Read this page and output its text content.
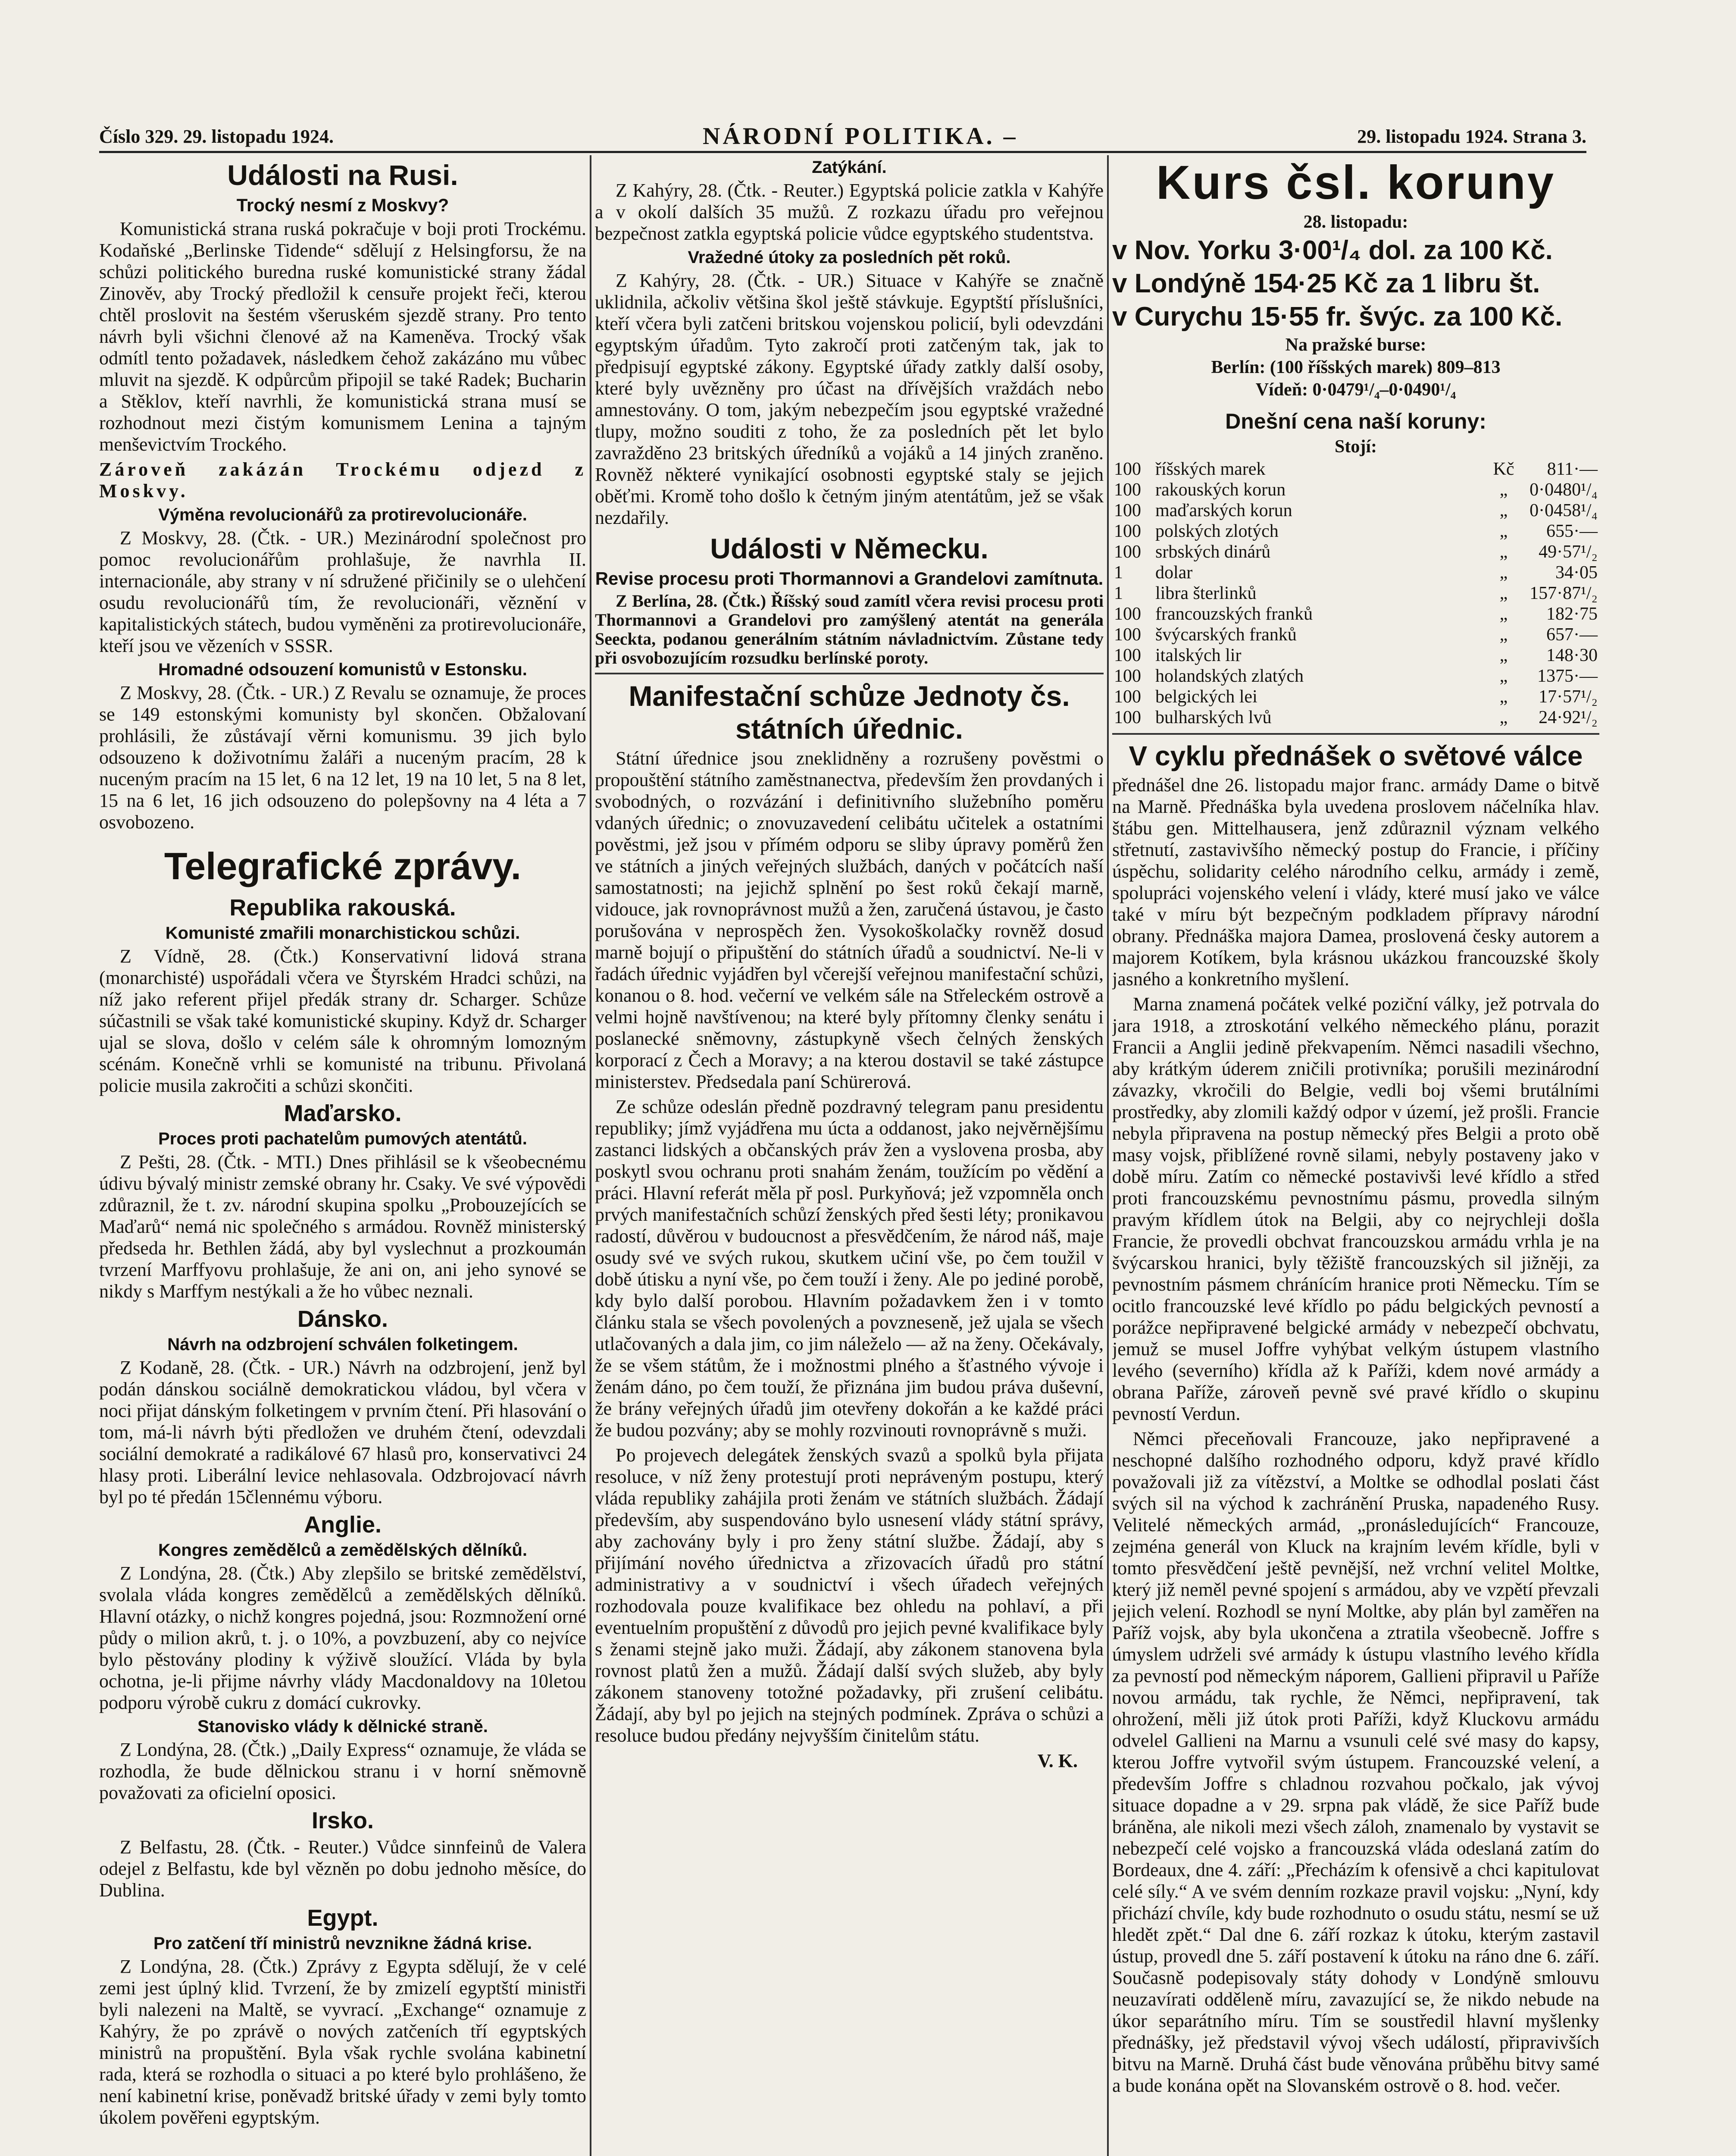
Číslo 329. 29. listopadu 1924.	NÁRODNÍ POLITIKA. –	29. listopadu 1924. Strana 3.
Události na Rusi.
Trocký nesmí z Moskvy?

Komunistická strana ruská pokračuje v boji proti Trockému. Kodaňské „Berlinske Tidende“ sdělují z Helsingforsu, že na schůzi politického buredna ruské komunistické strany žádal Zinověv, aby Trocký předložil k censuře projekt řeči, kterou chtěl proslovit na šestém všeruském sjezdě strany. Pro tento návrh byli všichni členové až na Kameněva. Trocký však odmítl tento požadavek, následkem čehož zakázáno mu vůbec mluvit na sjezdě. K odpůrcům připojil se také Radek; Bucharin a Stěklov, kteří navrhli, že komunistická strana musí se rozhodnout mezi čistým komunismem Lenina a tajným menševictvím Trockého.

Zároveň zakázán Trockému odjezd z Moskvy.

Výměna revolucionářů za protirevolucionáře.

Z Moskvy, 28. (Čtk. - UR.) Mezinárodní společnost pro pomoc revolucionářům prohlašuje, že navrhla II. internacionále, aby strany v ní sdružené přičinily se o ulehčení osudu revolucionářů tím, že revolucionáři, věznění v kapitalistických státech, budou vyměněni za protirevolucionáře, kteří jsou ve vězeních v SSSR.

Hromadné odsouzení komunistů v Estonsku.

Z Moskvy, 28. (Čtk. - UR.) Z Revalu se oznamuje, že proces se 149 estonskými komunisty byl skončen. Obžalovaní prohlásili, že zůstávají věrni komunismu. 39 jich bylo odsouzeno k doživotnímu žaláři a nuceným pracím, 28 k nuceným pracím na 15 let, 6 na 12 let, 19 na 10 let, 5 na 8 let, 15 na 6 let, 16 jich odsouzeno do polepšovny na 4 léta a 7 osvobozeno.

Telegrafické zprávy.
Republika rakouská.
Komunisté zmařili monarchistickou schůzi.

Z Vídně, 28. (Čtk.) Konservativní lidová strana (monarchisté) uspořádali včera ve Štyrském Hradci schůzi, na níž jako referent přijel předák strany dr. Scharger. Schůze súčastnili se však také komunistické skupiny. Když dr. Scharger ujal se slova, došlo v celém sále k ohromným lomozným scénám. Konečně vrhli se komunisté na tribunu. Přivolaná policie musila zakročiti a schůzi skončiti.

Maďarsko.
Proces proti pachatelům pumových atentátů.

Z Pešti, 28. (Čtk. - MTI.) Dnes přihlásil se k všeobecnému údivu bývalý ministr zemské obrany hr. Csaky. Ve své výpovědi zdůraznil, že t. zv. národní skupina spolku „Probouzejících se Maďarů“ nemá nic společného s armádou. Rovněž ministerský předseda hr. Bethlen žádá, aby byl vyslechnut a prozkoumán tvrzení Marffyovu prohlašuje, že ani on, ani jeho synové se nikdy s Marffym nestýkali a že ho vůbec neznali.

Dánsko.
Návrh na odzbrojení schválen folketingem.

Z Kodaně, 28. (Čtk. - UR.) Návrh na odzbrojení, jenž byl podán dánskou sociálně demokratickou vládou, byl včera v noci přijat dánským folketingem v prvním čtení. Při hlasování o tom, má-li návrh býti předložen ve druhém čtení, odevzdali sociální demokraté a radikálové 67 hlasů pro, konservativci 24 hlasy proti. Liberální levice nehlasovala. Odzbrojovací návrh byl po té předán 15člennému výboru.

Anglie.
Kongres zemědělců a zemědělských dělníků.

Z Londýna, 28. (Čtk.) Aby zlepšilo se britské zemědělství, svolala vláda kongres zemědělců a zemědělských dělníků. Hlavní otázky, o nichž kongres pojedná, jsou: Rozmnožení orné půdy o milion akrů, t. j. o 10%, a povzbuzení, aby co nejvíce bylo pěstovány plodiny k výživě sloužící. Vláda by byla ochotna, je-li přijme návrhy vlády Macdonaldovy na 10letou podporu výrobě cukru z domácí cukrovky.

Stanovisko vlády k dělnické straně.

Z Londýna, 28. (Čtk.) „Daily Express“ oznamuje, že vláda se rozhodla, že bude dělnickou stranu i v horní sněmovně považovati za oficielní oposici.

Irsko.

Z Belfastu, 28. (Čtk. - Reuter.) Vůdce sinnfeinů de Valera odejel z Belfastu, kde byl vězněn po dobu jednoho měsíce, do Dublina.

Egypt.
Pro zatčení tří ministrů nevznikne žádná krise.

Z Londýna, 28. (Čtk.) Zprávy z Egypta sdělují, že v celé zemi jest úplný klid. Tvrzení, že by zmizelí egyptští ministři byli nalezeni na Maltě, se vyvrací. „Exchange“ oznamuje z Kahýry, že po zprávě o nových zatčeních tří egyptských ministrů na propuštění. Byla však rychle svolána kabinetní rada, která se rozhodla o situaci a po které bylo prohlášeno, že není kabinetní krise, poněvadž britské úřady v zemi byly tomto úkolem pověřeni egyptským.

Zatýkání.

Z Kahýry, 28. (Čtk. - Reuter.) Egyptská policie zatkla v Kahýře a v okolí dalších 35 mužů. Z rozkazu úřadu pro veřejnou bezpečnost zatkla egyptská policie vůdce egyptského studentstva.

Vražedné útoky za posledních pět roků.

Z Kahýry, 28. (Čtk. - UR.) Situace v Kahýře se značně uklidnila, ačkoliv většina škol ještě stávkuje. Egyptští příslušníci, kteří včera byli zatčeni britskou vojenskou policií, byli odevzdáni egyptským úřadům. Tyto zakročí proti zatčeným tak, jak to předpisují egyptské zákony. Egyptské úřady zatkly další osoby, které byly uvězněny pro účast na dřívějších vraždách nebo amnestovány. O tom, jakým nebezpečím jsou egyptské vražedné tlupy, možno souditi z toho, že za posledních pět let bylo zavražděno 23 britských úředníků a vojáků a 14 jiných zraněno. Rovněž některé vynikající osobnosti egyptské staly se jejich oběťmi. Kromě toho došlo k četným jiným atentátům, jež se však nezdařily.

Události v Německu.
Revise procesu proti Thormannovi a Grandelovi zamítnuta.

Z Berlína, 28. (Čtk.) Říšský soud zamítl včera revisi procesu proti Thormannovi a Grandelovi pro zamýšlený atentát na generála Seeckta, podanou generálním státním návladnictvím. Zůstane tedy při osvobozujícím rozsudku berlínské poroty.

Manifestační schůze Jednoty čs. státních úřednic.

Státní úřednice jsou zneklidněny a rozrušeny pověstmi o propouštění státního zaměstnanectva, především žen provdaných i svobodných, o rozvázání i definitivního služebního poměru vdaných úřednic; o znovuzavedení celibátu učitelek a ostatními pověstmi, jež jsou v přímém odporu se sliby úpravy poměrů žen ve státních a jiných veřejných službách, daných v počátcích naší samostatnosti; na jejichž splnění po šest roků čekají marně, vidouce, jak rovnoprávnost mužů a žen, zaručená ústavou, je často porušována v neprospěch žen. Vysokoškolačky rovněž dosud marně bojují o připuštění do státních úřadů a soudnictví. Ne-li v řadách úřednic vyjádřen byl včerejší veřejnou manifestační schůzi, konanou o 8. hod. večerní ve velkém sále na Střeleckém ostrově a velmi hojně navštívenou; na které byly přítomny členky senátu i poslanecké sněmovny, zástupkyně všech čelných ženských korporací z Čech a Moravy; a na kterou dostavil se také zástupce ministerstev. Předsedala paní Schürerová.

Ze schůze odeslán předně pozdravný telegram panu presidentu republiky; jímž vyjádřena mu úcta a oddanost, jako nejvěrnějšímu zastanci lidských a občanských práv žen a vyslovena prosba, aby poskytl svou ochranu proti snahám ženám, toužícím po vědění a práci. Hlavní referát měla př posl. Purkyňová; jež vzpomněla onch prvých manifestačních schůzí ženských před šesti léty; pronikavou radostí, důvěrou v budoucnost a přesvědčením, že národ náš, maje osudy své ve svých rukou, skutkem učiní vše, po čem toužil v době útisku a nyní vše, po čem touží i ženy. Ale po jediné porobě, kdy bylo další porobou. Hlavním požadavkem žen i v tomto článku stala se všech povolených a povzneseně, jež ujala se všech utlačovaných a dala jim, co jim náleželo — až na ženy. Očekávaly, že se všem státům, že i možnostmi plného a šťastného vývoje i ženám dáno, po čem touží, že přiznána jim budou práva duševní, že brány veřejných úřadů jim otevřeny dokořán a ke každé práci že budou pozvány; aby se mohly rozvinouti rovnoprávně s muži.

Po projevech delegátek ženských svazů a spolků byla přijata resoluce, v níž ženy protestují proti nepráveným postupu, který vláda republiky zahájila proti ženám ve státních službách. Žádají především, aby suspendováno bylo usnesení vlády státní správy, aby zachovány byly i pro ženy státní službe. Žádají, aby s přijímání nového úřednictva a zřizovacích úřadů pro státní administrativy a v soudnictví i všech úřadech veřejných rozhodovala pouze kvalifikace bez ohledu na pohlaví, a při eventuelním propuštění z důvodů pro jejich pevné kvalifikace byly s ženami stejně jako muži. Žádají, aby zákonem stanovena byla rovnost platů žen a mužů. Žádají další svých služeb, aby byly zákonem stanoveny totožné požadavky, při zrušení celibátu. Žádají, aby byl po jejich na stejných podmínek. Zpráva o schůzi a resoluce budou předány nejvyšším činitelům státu.

V. K.
Kurs čsl. koruny
28. listopadu:
v Nov. Yorku 3·00¹/₄ dol. za 100 Kč.
v Londýně 154·25 Kč za 1 libru št.
v Curychu 15·55 fr. švýc. za 100 Kč.
Na pražské burse:
Berlín: (100 říšských marek) 809–813
Vídeň: 0·0479¹/₄–0·0490¹/₄
Dnešní cena naší koruny:
Stojí:
100	říšských marek	Kč	811·—
100	rakouských korun	„	0·0480¹/₄
100	maďarských korun	„	0·0458¹/₄
100	polských zlotých	„	655·—
100	srbských dinárů	„	49·57¹/₂
1	dolar	„	34·05
1	libra šterlinků	„	157·87¹/₂
100	francouzských franků	„	182·75
100	švýcarských franků	„	657·—
100	italských lir	„	148·30
100	holandských zlatých	„	1375·—
100	belgických lei	„	17·57¹/₂
100	bulharských lvů	„	24·92¹/₂
V cyklu přednášek o světové válce

přednášel dne 26. listopadu major franc. armády Dame o bitvě na Marně. Přednáška byla uvedena proslovem náčelníka hlav. štábu gen. Mittelhausera, jenž zdůraznil význam velkého střetnutí, zastavivšího německý postup do Francie, i příčiny úspěchu, solidarity celého národního celku, armády i země, spolupráci vojenského velení i vlády, které musí jako ve válce také v míru být bezpečným podkladem přípravy národní obrany. Přednáška majora Damea, proslovená česky autorem a majorem Kotíkem, byla krásnou ukázkou francouzské školy jasného a konkretního myšlení.

Marna znamená počátek velké poziční války, jež potrvala do jara 1918, a ztroskotání velkého německého plánu, porazit Francii a Anglii jedině překvapením. Němci nasadili všechno, aby krátkým úderem zničili protivníka; porušili mezinárodní závazky, vkročili do Belgie, vedli boj všemi brutálními prostředky, aby zlomili každý odpor v území, jež prošli. Francie nebyla připravena na postup německý přes Belgii a proto obě masy vojsk, přiblížené rovně silami, nebyly postaveny jako v době míru. Zatím co německé postavivši levé křídlo a střed proti francouzskému pevnostnímu pásmu, provedla silným pravým křídlem útok na Belgii, aby co nejrychleji došla Francie, že provedli obchvat francouzskou armádu vrhla je na švýcarskou hranici, byly těžiště francouzských sil jižněji, za pevnostním pásmem chránícím hranice proti Německu. Tím se ocitlo francouzské levé křídlo po pádu belgických pevností a porážce nepřipravené belgické armády v nebezpečí obchvatu, jemuž se musel Joffre vyhýbat velkým ústupem vlastního levého (severního) křídla až k Paříži, kdem nové armády a obrana Paříže, zároveň pevně své pravé křídlo o skupinu pevností Verdun.

Němci přeceňovali Francouze, jako nepřipravené a neschopné dalšího rozhodného odporu, když pravé křídlo považovali již za vítězství, a Moltke se odhodlal poslati část svých sil na východ k zachránění Pruska, napadeného Rusy. Velitelé německých armád, „pronásledujících“ Francouze, zejména generál von Kluck na krajním levém křídle, byli v tomto přesvědčení ještě pevnější, než vrchní velitel Moltke, který již neměl pevné spojení s armádou, aby ve vzpětí převzali jejich velení. Rozhodl se nyní Moltke, aby plán byl zaměřen na Paříž vojsk, aby byla ukončena a ztratila všeobecně. Joffre s úmyslem udrželi své armády k ústupu vlastního levého křídla za pevností pod německým náporem, Gallieni připravil u Paříže novou armádu, tak rychle, že Němci, nepřipravení, tak ohrožení, měli již útok proti Paříži, když Kluckovu armádu odvelel Gallieni na Marnu a vsunuli celé své masy do kapsy, kterou Joffre vytvořil svým ústupem. Francouzské velení, a především Joffre s chladnou rozvahou počkalo, jak vývoj situace dopadne a v 29. srpna pak vládě, že sice Paříž bude bráněna, ale nikoli mezi všech záloh, znamenalo by vystavit se nebezpečí celé vojsko a francouzská vláda odeslaná zatím do Bordeaux, dne 4. září: „Přecházím k ofensivě a chci kapitulovat celé síly.“ A ve svém denním rozkaze pravil vojsku: „Nyní, kdy přichází chvíle, kdy bude rozhodnuto o osudu státu, nesmí se už hledět zpět.“ Dal dne 6. září rozkaz k útoku, kterým zastavil ústup, provedl dne 5. září postavení k útoku na ráno dne 6. září. Současně podepisovaly státy dohody v Londýně smlouvu neuzavírati odděleně míru, zavazující se, že nikdo nebude na úkor separátního míru. Tím se soustředil hlavní myšlenky přednášky, jež představil vývoj všech událostí, připravivších bitvu na Marně. Druhá část bude věnována průběhu bitvy samé a bude konána opět na Slovanském ostrově o 8. hod. večer.
